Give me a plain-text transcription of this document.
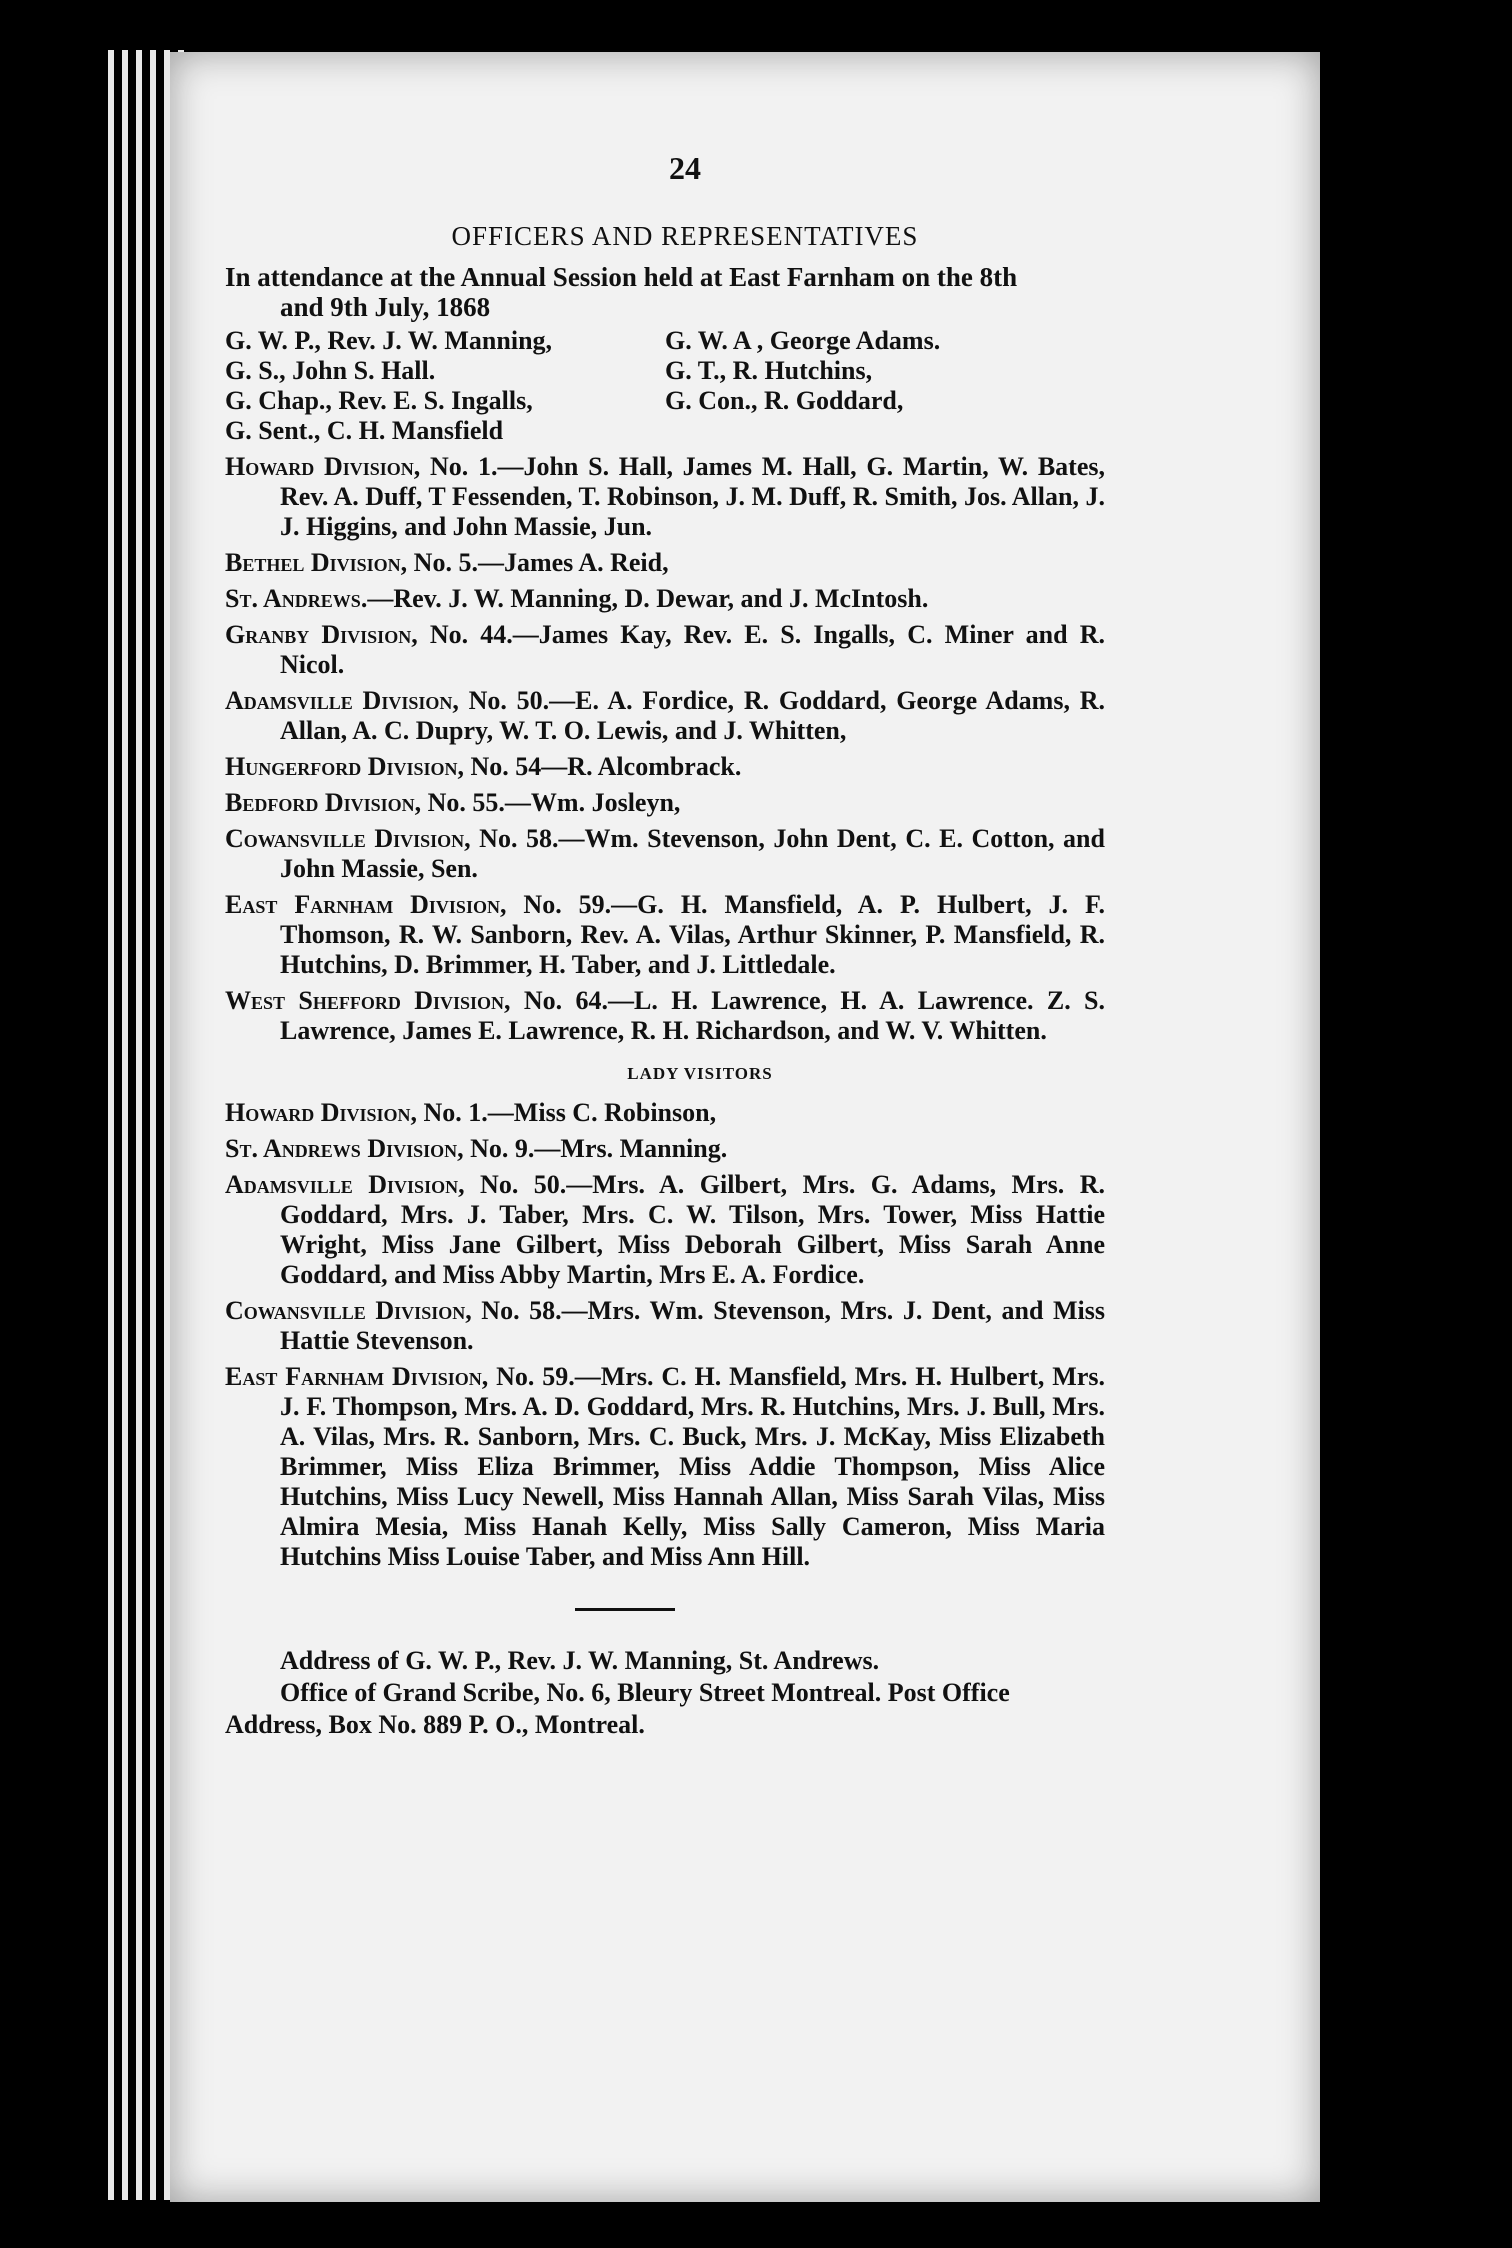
24
OFFICERS AND REPRESENTATIVES
In attendance at the Annual Session held at East Farnham on the 8th
and 9th July, 1868
G. W. P., Rev. J. W. Manning,	G. W. A , George Adams.
G. S., John S. Hall.	G. T., R. Hutchins,
G. Chap., Rev. E. S. Ingalls,	G. Con., R. Goddard,
G. Sent., C. H. Mansfield

Howard Division, No. 1.—John S. Hall, James M. Hall, G. Martin, W. Bates, Rev. A. Duff, T Fessenden, T. Robinson, J. M. Duff, R. Smith, Jos. Allan, J. J. Higgins, and John Massie, Jun.

Bethel Division, No. 5.—James A. Reid,

St. Andrews.—Rev. J. W. Manning, D. Dewar, and J. McIntosh.

Granby Division, No. 44.—James Kay, Rev. E. S. Ingalls, C. Miner and R. Nicol.

Adamsville Division, No. 50.—E. A. Fordice, R. Goddard, George Adams, R. Allan, A. C. Dupry, W. T. O. Lewis, and J. Whitten,

Hungerford Division, No. 54—R. Alcombrack.

Bedford Division, No. 55.—Wm. Josleyn,

Cowansville Division, No. 58.—Wm. Stevenson, John Dent, C. E. Cotton, and John Massie, Sen.

East Farnham Division, No. 59.—G. H. Mansfield, A. P. Hulbert, J. F. Thomson, R. W. Sanborn, Rev. A. Vilas, Arthur Skinner, P. Mansfield, R. Hutchins, D. Brimmer, H. Taber, and J. Littledale.

West Shefford Division, No. 64.—L. H. Lawrence, H. A. Lawrence. Z. S. Lawrence, James E. Lawrence, R. H. Richardson, and W. V. Whitten.

LADY VISITORS

Howard Division, No. 1.—Miss C. Robinson,

St. Andrews Division, No. 9.—Mrs. Manning.

Adamsville Division, No. 50.—Mrs. A. Gilbert, Mrs. G. Adams, Mrs. R. Goddard, Mrs. J. Taber, Mrs. C. W. Tilson, Mrs. Tower, Miss Hattie Wright, Miss Jane Gilbert, Miss Deborah Gilbert, Miss Sarah Anne Goddard, and Miss Abby Martin, Mrs E. A. Fordice.

Cowansville Division, No. 58.—Mrs. Wm. Stevenson, Mrs. J. Dent, and Miss Hattie Stevenson.

East Farnham Division, No. 59.—Mrs. C. H. Mansfield, Mrs. H. Hulbert, Mrs. J. F. Thompson, Mrs. A. D. Goddard, Mrs. R. Hutchins, Mrs. J. Bull, Mrs. A. Vilas, Mrs. R. Sanborn, Mrs. C. Buck, Mrs. J. McKay, Miss Elizabeth Brimmer, Miss Eliza Brimmer, Miss Addie Thompson, Miss Alice Hutchins, Miss Lucy Newell, Miss Hannah Allan, Miss Sarah Vilas, Miss Almira Mesia, Miss Hanah Kelly, Miss Sally Cameron, Miss Maria Hutchins Miss Louise Taber, and Miss Ann Hill.

Address of G. W. P., Rev. J. W. Manning, St. Andrews.

Office of Grand Scribe, No. 6, Bleury Street Montreal. Post Office Address, Box No. 889 P. O., Montreal.
